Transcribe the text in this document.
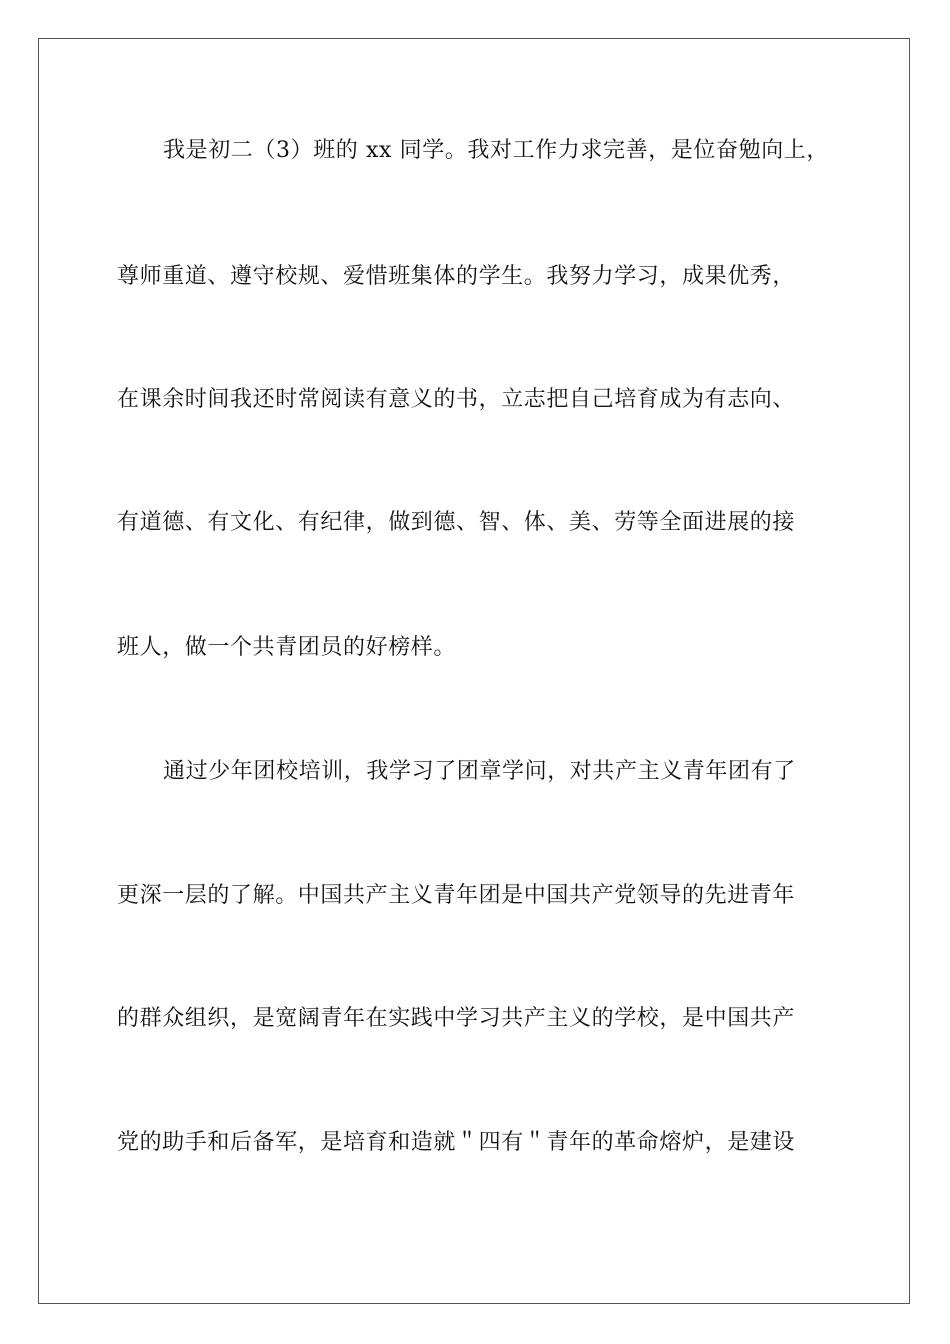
我是初二（3）班的 xx 同学。我对工作力求完善，是位奋勉向上，
尊师重道、遵守校规、爱惜班集体的学生。我努力学习，成果优秀，
在课余时间我还时常阅读有意义的书，立志把自己培育成为有志向、
有道德、有文化、有纪律，做到德、智、体、美、劳等全面进展的接
班人，做一个共青团员的好榜样。
通过少年团校培训，我学习了团章学问，对共产主义青年团有了
更深一层的了解。中国共产主义青年团是中国共产党领导的先进青年
的群众组织，是宽阔青年在实践中学习共产主义的学校，是中国共产
党的助手和后备军，是培育和造就＂四有＂青年的革命熔炉，是建设
